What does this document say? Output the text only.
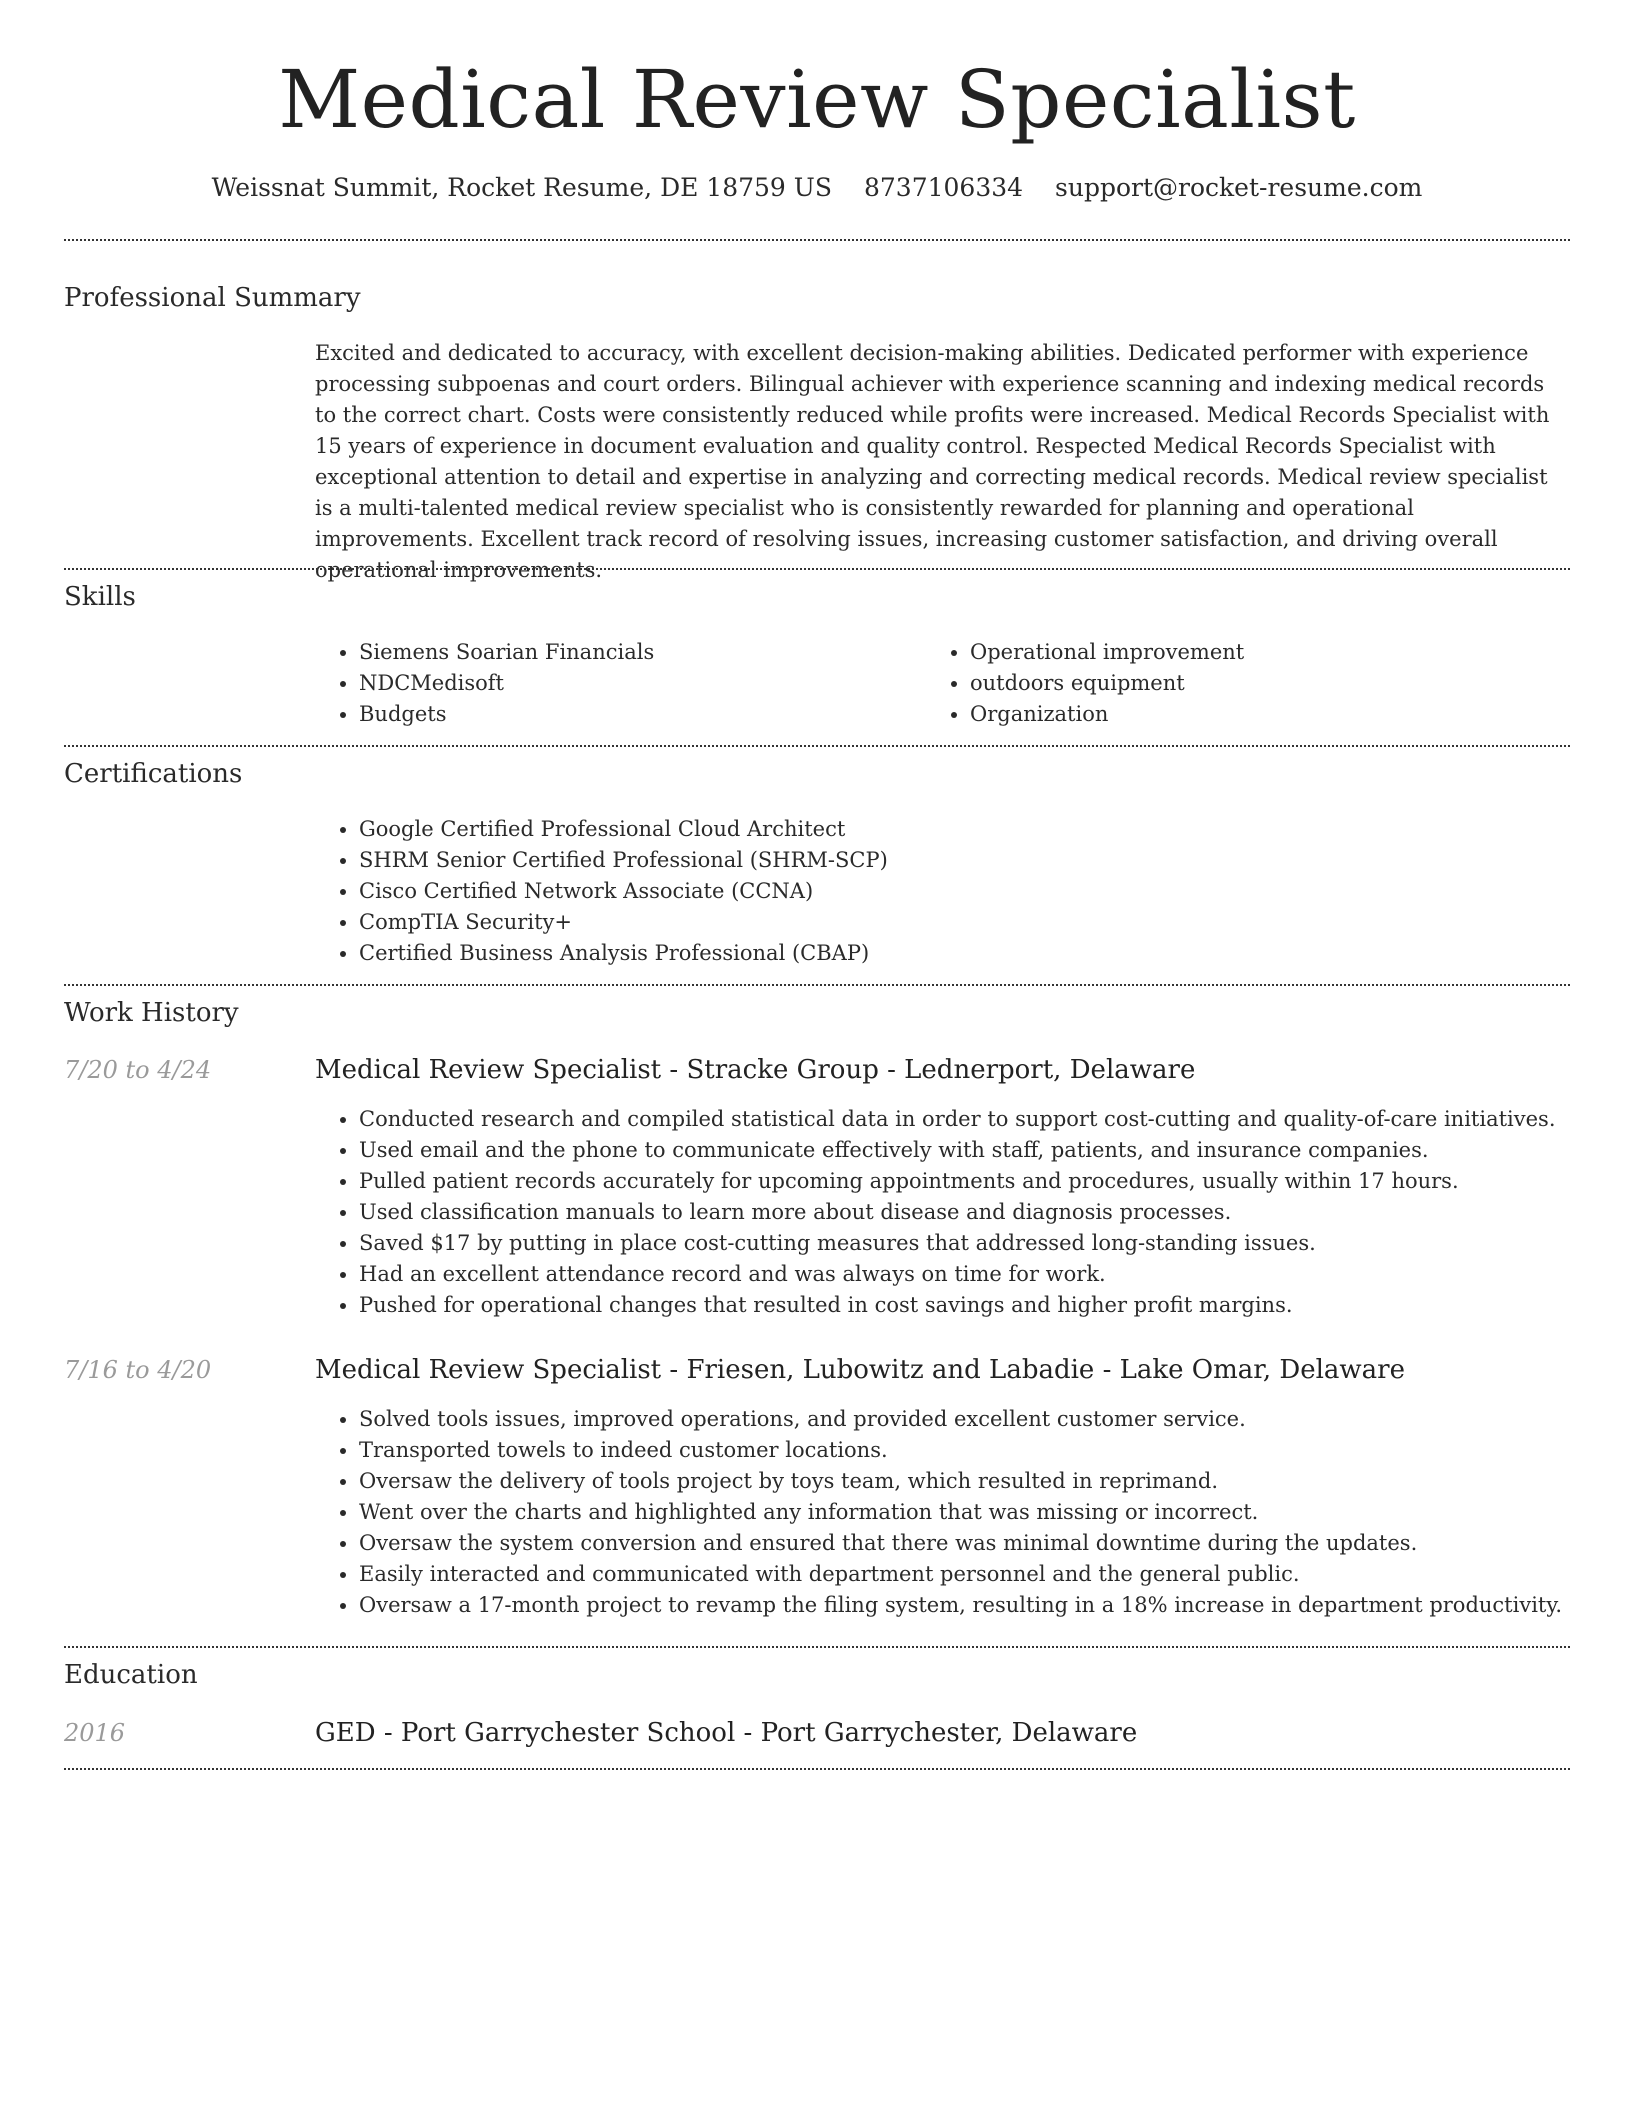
Medical Review Specialist
Weissnat Summit, Rocket Resume, DE 18759 US 8737106334 support@rocket-resume.com
Professional Summary

Excited and dedicated to accuracy, with excellent decision-making abilities. Dedicated performer with experience processing subpoenas and court orders. Bilingual achiever with experience scanning and indexing medical records to the correct chart. Costs were consistently reduced while profits were increased. Medical Records Specialist with 15 years of experience in document evaluation and quality control. Respected Medical Records Specialist with exceptional attention to detail and expertise in analyzing and correcting medical records. Medical review specialist is a multi-talented medical review specialist who is consistently rewarded for planning and operational improvements. Excellent track record of resolving issues, increasing customer satisfaction, and driving overall operational improvements.

Skills
• Siemens Soarian Financials
• NDCMedisoft
• Budgets
• Operational improvement
• outdoors equipment
• Organization
Certifications
• Google Certified Professional Cloud Architect
• SHRM Senior Certified Professional (SHRM-SCP)
• Cisco Certified Network Associate (CCNA)
• CompTIA Security+
• Certified Business Analysis Professional (CBAP)
Work History
7/20 to 4/24	Medical Review Specialist - Stracke Group - Lednerport, Delaware
• Conducted research and compiled statistical data in order to support cost-cutting and quality-of-care initiatives.
• Used email and the phone to communicate effectively with staff, patients, and insurance companies.
• Pulled patient records accurately for upcoming appointments and procedures, usually within 17 hours.
• Used classification manuals to learn more about disease and diagnosis processes.
• Saved $17 by putting in place cost-cutting measures that addressed long-standing issues.
• Had an excellent attendance record and was always on time for work.
• Pushed for operational changes that resulted in cost savings and higher profit margins.
7/16 to 4/20	Medical Review Specialist - Friesen, Lubowitz and Labadie - Lake Omar, Delaware
• Solved tools issues, improved operations, and provided excellent customer service.
• Transported towels to indeed customer locations.
• Oversaw the delivery of tools project by toys team, which resulted in reprimand.
• Went over the charts and highlighted any information that was missing or incorrect.
• Oversaw the system conversion and ensured that there was minimal downtime during the updates.
• Easily interacted and communicated with department personnel and the general public.
• Oversaw a 17-month project to revamp the filing system, resulting in a 18% increase in department productivity.
Education
2016	GED - Port Garrychester School - Port Garrychester, Delaware
